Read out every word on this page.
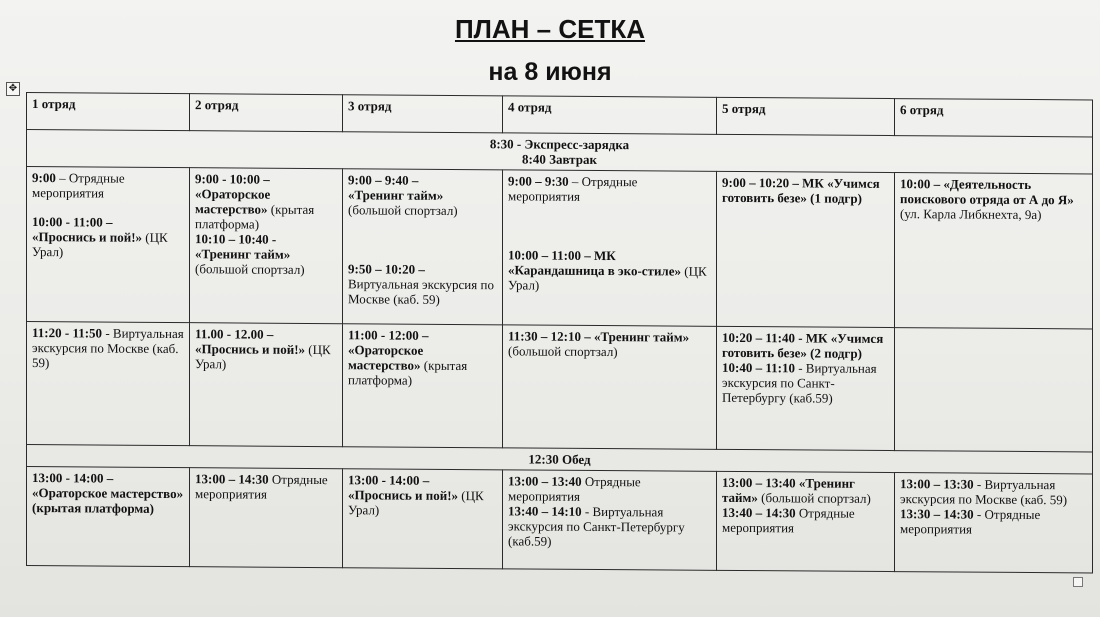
ПЛАН – СЕТКА
на 8 июня
✥
1 отряд	2 отряд	3 отряд	4 отряд	5 отряд	6 отряд

8:30 - Экспресс-зарядка
8:40 Завтрак					

9:00 – Отрядные мероприятия
10:00 - 11:00 –
«Проснись и пой!» (ЦК Урал)	9:00 - 10:00 –
«Ораторское мастерство» (крытая платформа)
10:10 – 10:40 -
«Тренинг тайм» (большой спортзал)	9:00 – 9:40 –
«Тренинг тайм» (большой спортзал)
9:50 – 10:20 –
Виртуальная экскурсия по Москве (каб. 59)	9:00 – 9:30 – Отрядные мероприятия
10:00 – 11:00 – МК «Карандашница в эко-стиле» (ЦК Урал)	9:00 – 10:20 – МК «Учимся готовить безе» (1 подгр)	10:00 – «Деятельность поискового отряда от А до Я» (ул. Карла Либкнехта, 9а)

11:20 - 11:50 - Виртуальная экскурсия по Москве (каб. 59)	11.00 - 12.00 –
«Проснись и пой!» (ЦК Урал)	11:00 - 12:00 –
«Ораторское мастерство» (крытая платформа)	11:30 – 12:10 – «Тренинг тайм» (большой спортзал)	10:20 – 11:40 - МК «Учимся готовить безе» (2 подгр)
10:40 – 11:10 - Виртуальная экскурсия по Санкт-Петербургу (каб.59)	

12:30 Обед					

13:00 - 14:00 –
«Ораторское мастерство» (крытая платформа)	13:00 – 14:30 Отрядные мероприятия	13:00 - 14:00 –
«Проснись и пой!» (ЦК Урал)	13:00 – 13:40 Отрядные мероприятия
13:40 – 14:10 - Виртуальная экскурсия по Санкт-Петербургу (каб.59)	13:00 – 13:40 «Тренинг тайм» (большой спортзал)
13:40 – 14:30 Отрядные мероприятия	13:00 – 13:30 - Виртуальная экскурсия по Москве (каб. 59)
13:30 – 14:30 - Отрядные мероприятия
